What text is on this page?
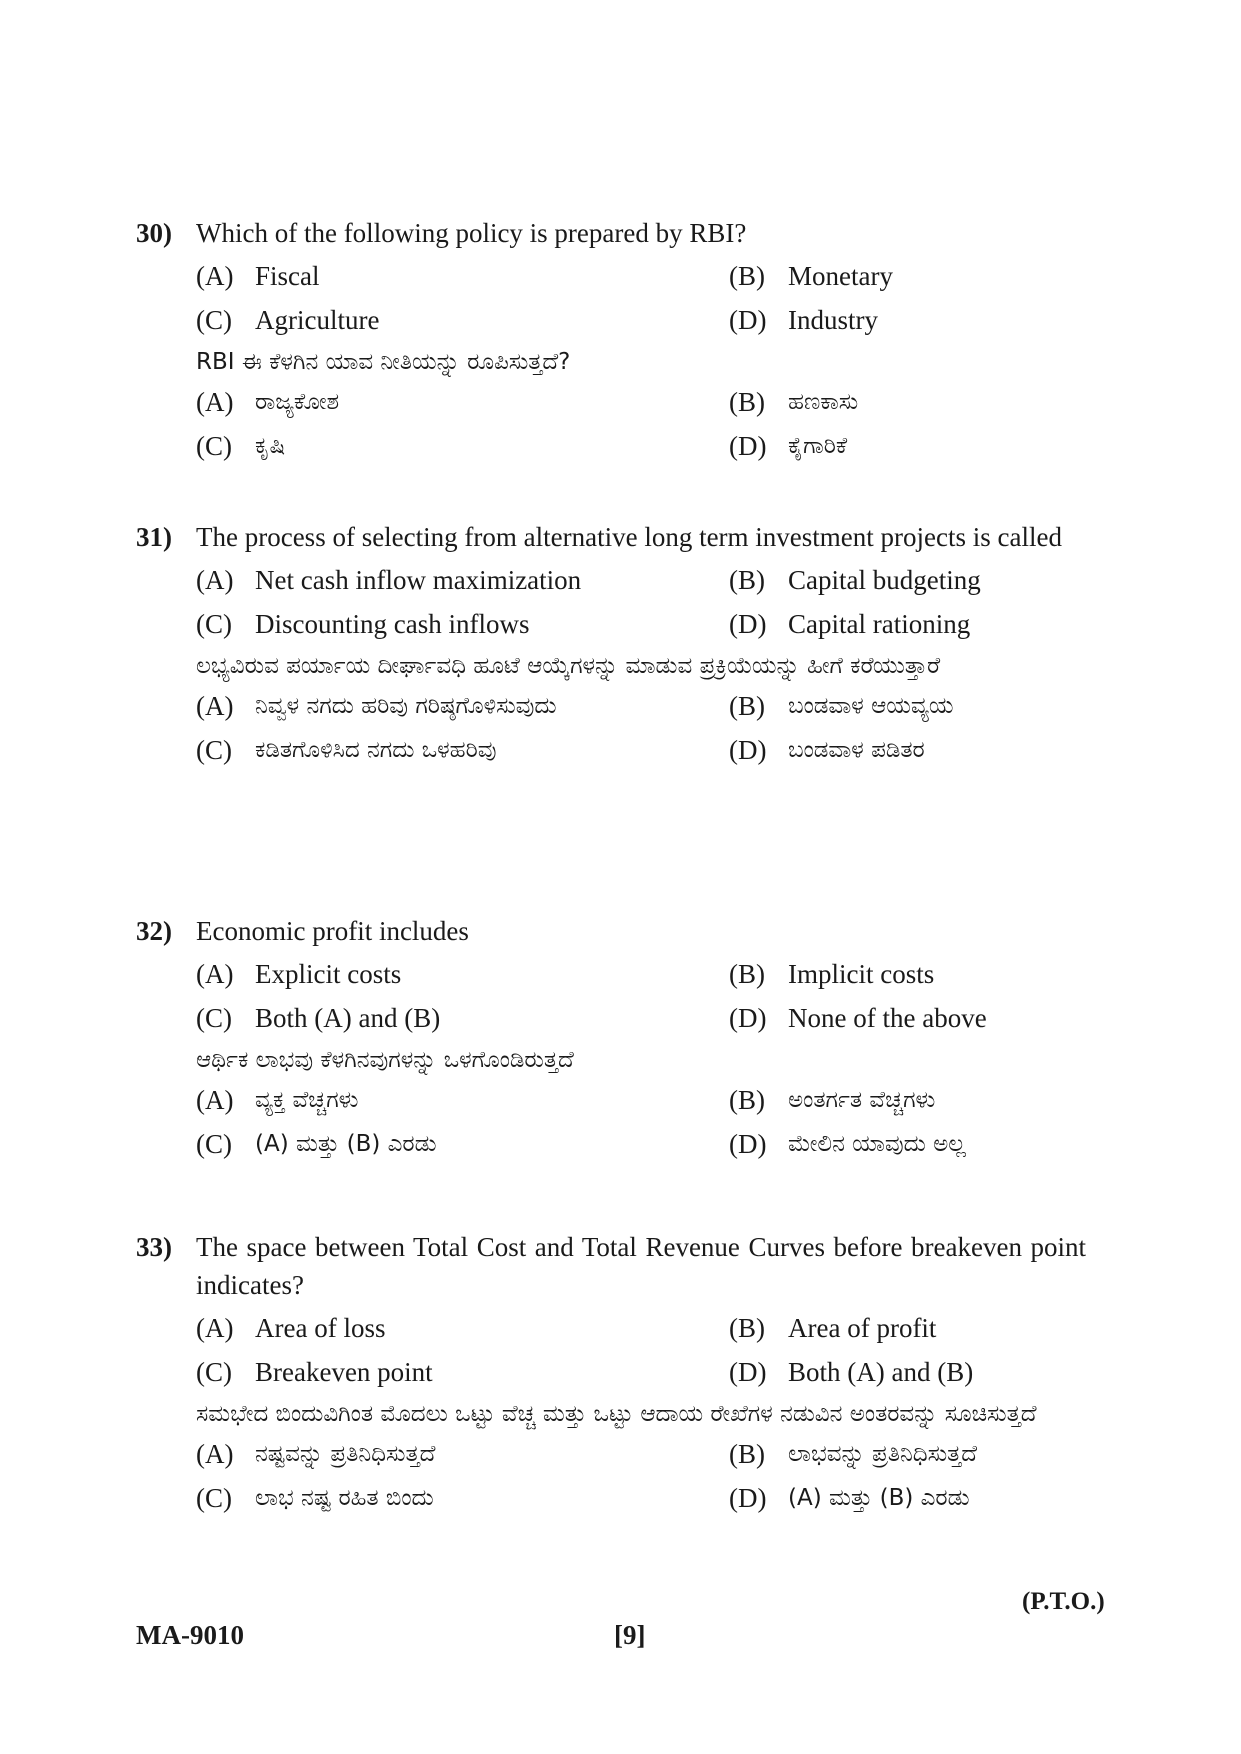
30) Which of the following policy is prepared by RBI?
(A) Fiscal	(B) Monetary
(C) Agriculture	(D) Industry
RBI ಈ ಕೆಳಗಿನ ಯಾವ ನೀತಿಯನ್ನು ರೂಪಿಸುತ್ತದೆ?
(A) ರಾಜ್ಯಕೋಶ	(B)	ಹಣಕಾಸು
(C)	ಕೃಷಿ	(D) ಕೈಗಾರಿಕೆ
31) The process of selecting from alternative long term investment projects is called
(A) Net cash inflow maximization	(B) Capital budgeting
(C) Discounting cash inflows	(D) Capital rationing
ಲಭ್ಯವಿರುವ ಪರ್ಯಾಯ ದೀರ್ಘಾವಧಿ ಹೂಟೆ ಆಯ್ಕೆಗಳನ್ನು ಮಾಡುವ ಪ್ರಕ್ರಿಯೆಯನ್ನು ಹೀಗೆ ಕರೆಯುತ್ತಾರೆ
(A) ನಿವ್ವಳ ನಗದು ಹರಿವು ಗರಿಷ್ಠಗೊಳಿಸುವುದು	(B)	ಬಂಡವಾಳ ಆಯವ್ಯಯ
(C)	ಕಡಿತಗೊಳಿಸಿದ ನಗದು ಒಳಹರಿವು	(D) ಬಂಡವಾಳ ಪಡಿತರ
32) Economic profit includes
(A) Explicit costs	(B) Implicit costs
(C) Both (A) and (B)	(D) None of the above
ಆರ್ಥಿಕ ಲಾಭವು ಕೆಳಗಿನವುಗಳನ್ನು ಒಳಗೊಂಡಿರುತ್ತದೆ
(A) ವ್ಯಕ್ತ ವೆಚ್ಚಗಳು	(B)	ಅಂತರ್ಗತ ವೆಚ್ಚಗಳು
(C)	(A) ಮತ್ತು (B) ಎರಡು	(D) ಮೇಲಿನ ಯಾವುದು ಅಲ್ಲ
33) The space between Total Cost and Total Revenue Curves before breakeven point indicates?
(A) Area of loss	(B) Area of profit
(C) Breakeven point	(D) Both (A) and (B)
ಸಮಭೇದ ಬಿಂದುವಿಗಿಂತ ಮೊದಲು ಒಟ್ಟು ವೆಚ್ಚ ಮತ್ತು ಒಟ್ಟು ಆದಾಯ ರೇಖೆಗಳ ನಡುವಿನ ಅಂತರವನ್ನು ಸೂಚಿಸುತ್ತದೆ
(A) ನಷ್ಟವನ್ನು ಪ್ರತಿನಿಧಿಸುತ್ತದೆ	(B)	ಲಾಭವನ್ನು ಪ್ರತಿನಿಧಿಸುತ್ತದೆ
(C)	ಲಾಭ ನಷ್ಟ ರಹಿತ ಬಿಂದು	(D) (A) ಮತ್ತು (B) ಎರಡು
(P.T.O.)
MA-9010	[9]
